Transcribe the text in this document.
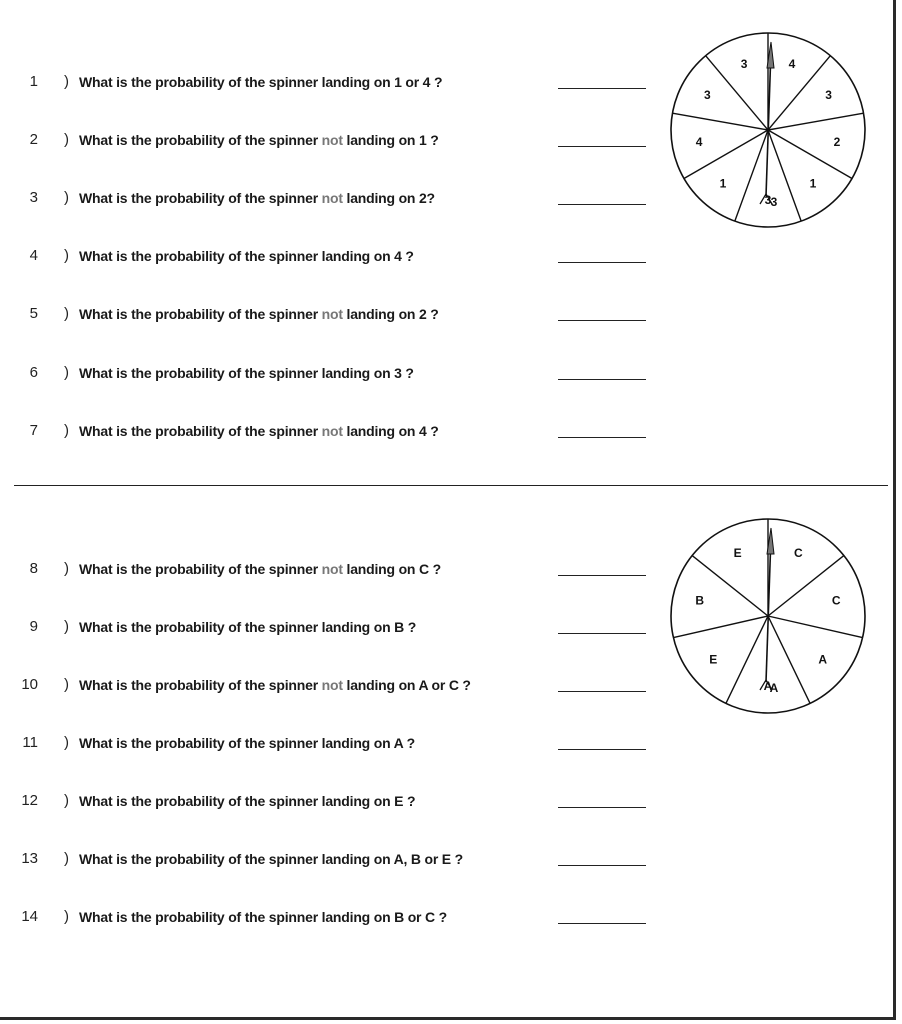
1 ) What is the probability of the spinner landing on 1 or 4 ?
2 ) What is the probability of the spinner not landing on 1 ?
3 ) What is the probability of the spinner not landing on 2?
4 ) What is the probability of the spinner landing on 4 ?
5 ) What is the probability of the spinner not landing on 2 ?
6 ) What is the probability of the spinner landing on 3 ?
7 ) What is the probability of the spinner not landing on 4 ?
8 ) What is the probability of the spinner not landing on C ?
9 ) What is the probability of the spinner landing on B ?
10 ) What is the probability of the spinner not landing on A or C ?
11 ) What is the probability of the spinner landing on A ?
12 ) What is the probability of the spinner landing on E ?
13 ) What is the probability of the spinner landing on A, B or E ?
14 ) What is the probability of the spinner landing on B or C ?
4
3
2
1
3
1
4
3
3
3
C
C
A
A
E
B
E
A
